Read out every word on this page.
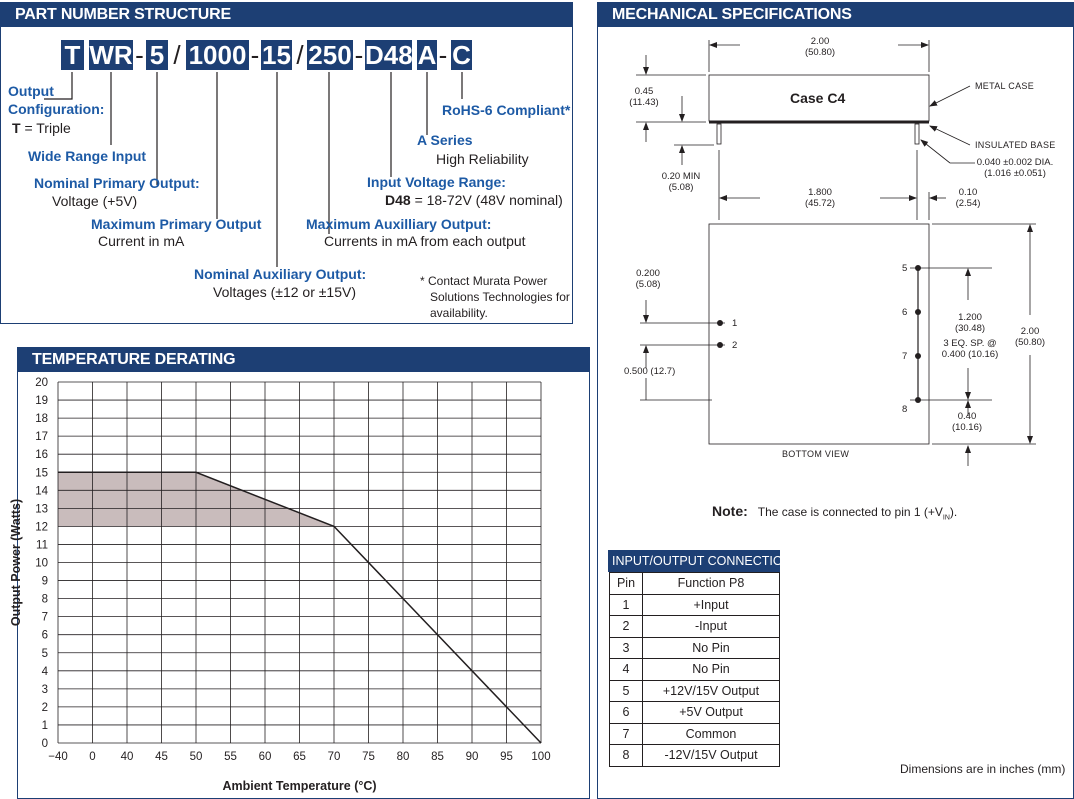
PART NUMBER STRUCTURE
T WR - 5 / 1000 - 15 / 250 - D48 A - C
Output
Configuration:
T = Triple
Wide Range Input
Nominal Primary Output:
Voltage (+5V)
Maximum Primary Output
Current in mA
Nominal Auxiliary Output:
Voltages (±12 or ±15V)
RoHS-6 Compliant*
A Series
High Reliability
Input Voltage Range:
D48 = 18-72V (48V nominal)
Maximum Auxilliary Output:
Currents in mA from each output
* Contact Murata Power
Solutions Technologies for
availability.
TEMPERATURE DERATING
−40 0 40 45 50 55 60 65 70 75 80 85 90 95 100
0
1
2
3
4
5
6
7
8
9
10
11
12
13
14
15
16
17
18
19
20
Ambient Temperature (°C)
Output Power (Watts)
MECHANICAL SPECIFICATIONS
Case C4
2.00
(50.80)
0.45
(11.43)
METAL CASE
INSULATED BASE
0.040 ±0.002 DIA.
(1.016 ±0.051)
0.20 MIN
(5.08)	1.800
(45.72)
0.10
(2.54)
0.200
(5.08)
0.500 (12.7)
1.200
(30.48)
3 EQ. SP. @
0.400 (10.16)
2.00
(50.80)
0.40
(10.16)
1
2
5
6
7
8
BOTTOM VIEW
Note: The case is connected to pin 1 $(+V_{IN})$.
INPUT/OUTPUT CONNECTIONS
Pin	Function P8
1	+Input
2	-Input
3	No Pin
4	No Pin
5	+12V/15V Output
6	+5V Output
7	Common
8	-12V/15V Output
Dimensions are in inches (mm)
